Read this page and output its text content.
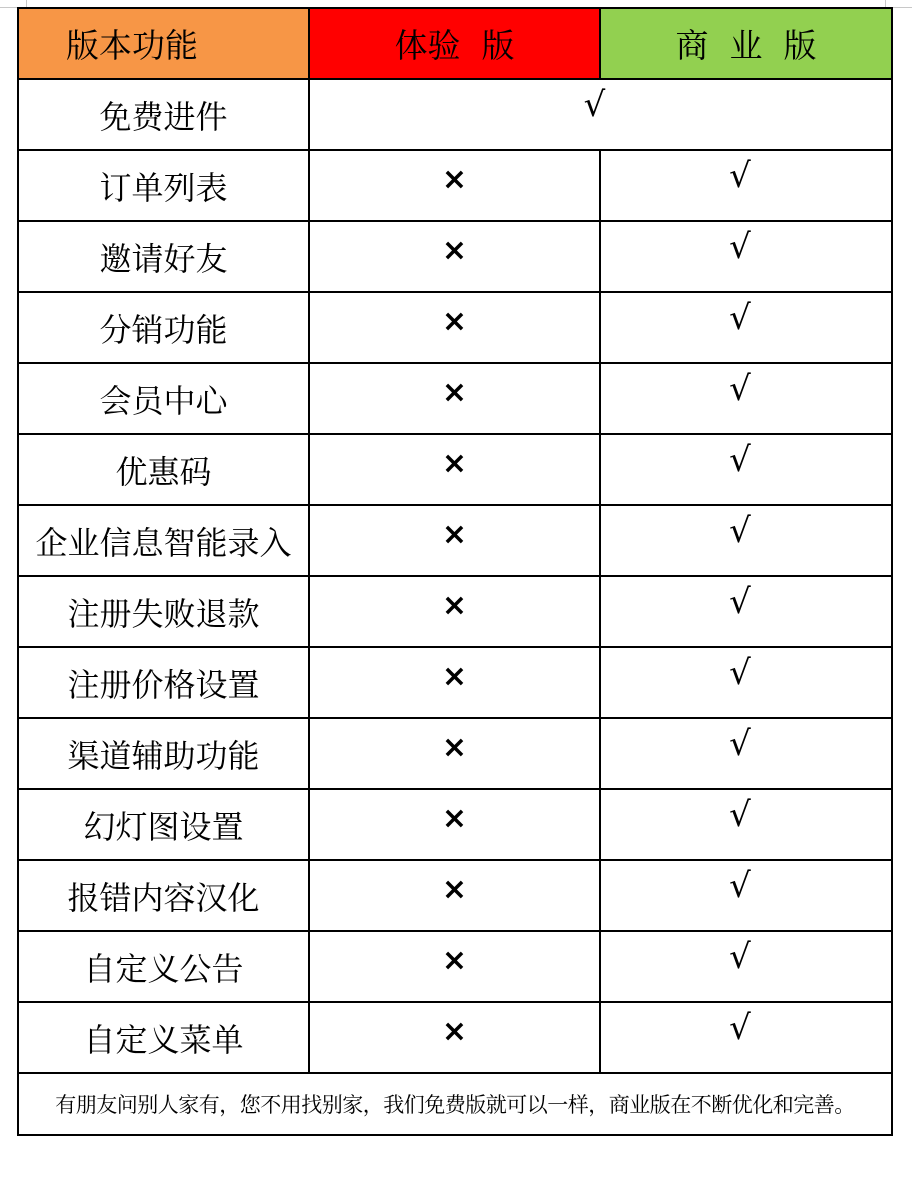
版本功能	体验  版	商  业  版
免费进件	√	
订单列表	×	√
邀请好友	×	√
分销功能	×	√
会员中心	×	√
优惠码	×	√
企业信息智能录入	×	√
注册失败退款	×	√
注册价格设置	×	√
渠道辅助功能	×	√
幻灯图设置	×	√
报错内容汉化	×	√
自定义公告	×	√
自定义菜单	×	√
有朋友问别人家有，您不用找别家，我们免费版就可以一样，商业版在不断优化和完善。		
